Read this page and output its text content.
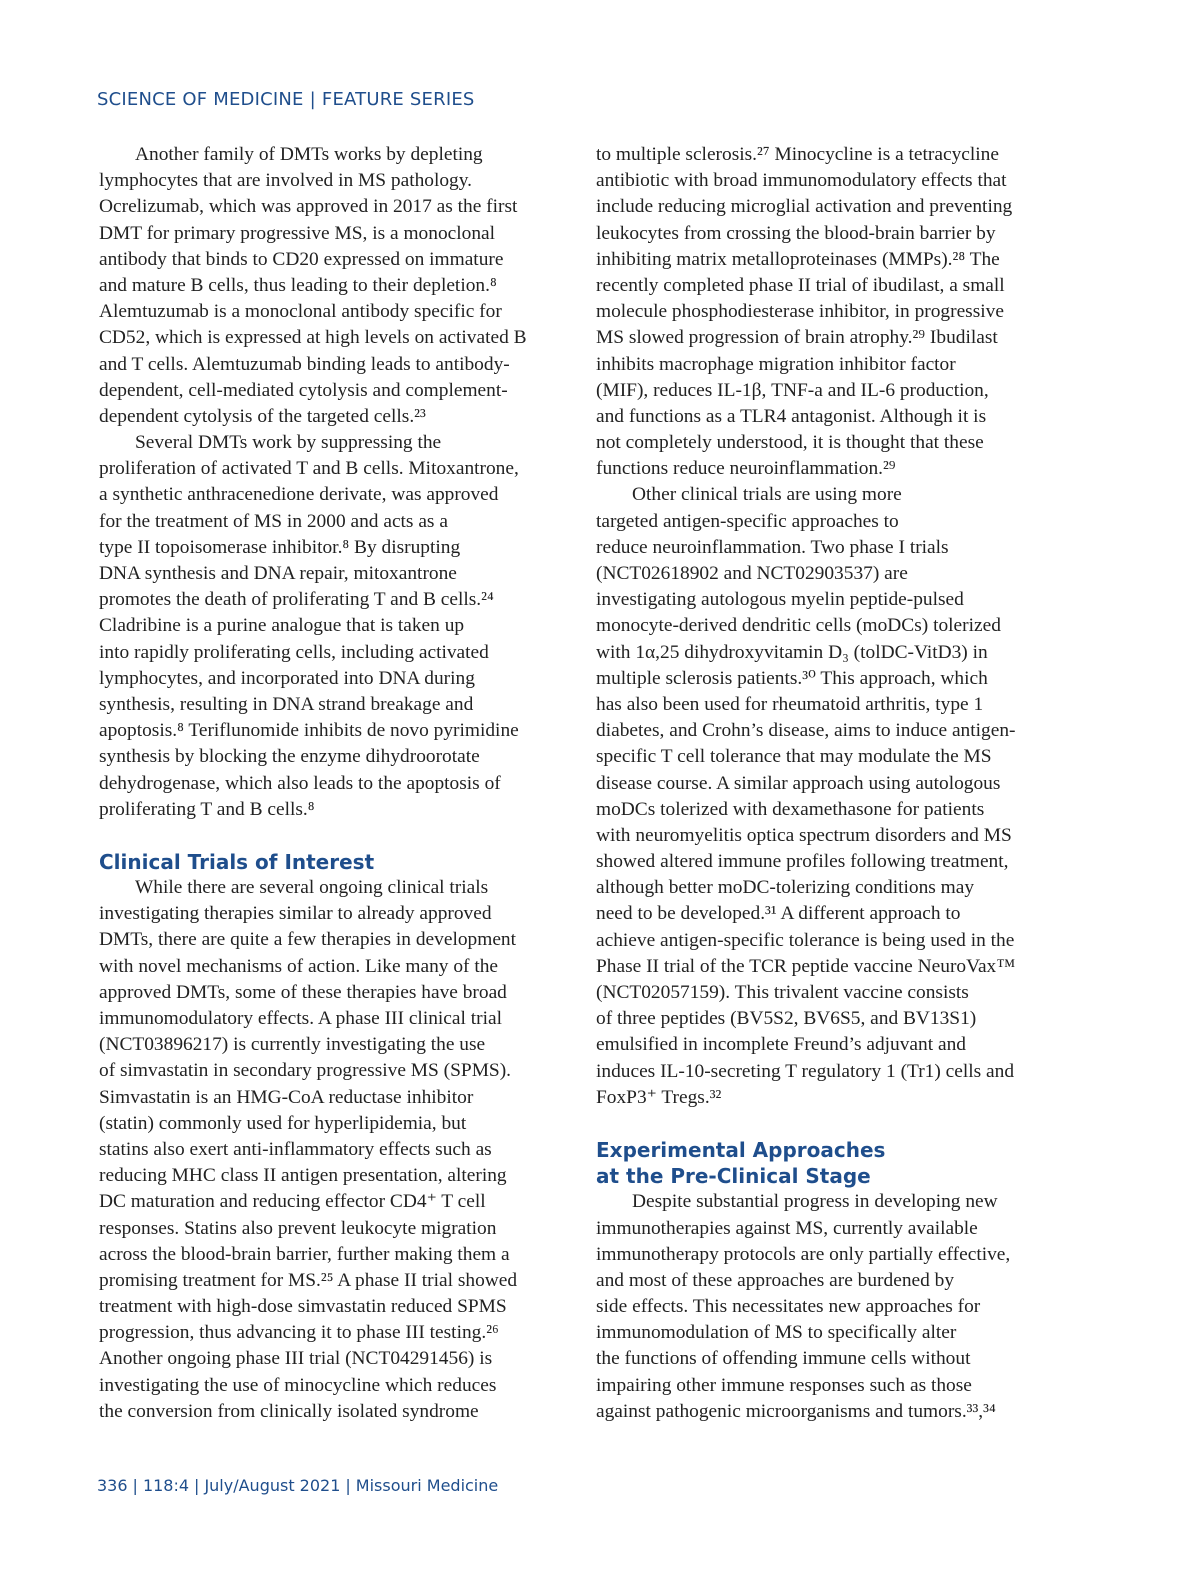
SCIENCE OF MEDICINE | FEATURE SERIES
Another family of DMTs works by depleting
lymphocytes that are involved in MS pathology.
Ocrelizumab, which was approved in 2017 as the first
DMT for primary progressive MS, is a monoclonal
antibody that binds to CD20 expressed on immature
and mature B cells, thus leading to their depletion.⁸
Alemtuzumab is a monoclonal antibody specific for
CD52, which is expressed at high levels on activated B
and T cells. Alemtuzumab binding leads to antibody-
dependent, cell-mediated cytolysis and complement-
dependent cytolysis of the targeted cells.²³
Several DMTs work by suppressing the
proliferation of activated T and B cells. Mitoxantrone,
a synthetic anthracenedione derivate, was approved
for the treatment of MS in 2000 and acts as a
type II topoisomerase inhibitor.⁸ By disrupting
DNA synthesis and DNA repair, mitoxantrone
promotes the death of proliferating T and B cells.²⁴
Cladribine is a purine analogue that is taken up
into rapidly proliferating cells, including activated
lymphocytes, and incorporated into DNA during
synthesis, resulting in DNA strand breakage and
apoptosis.⁸ Teriflunomide inhibits de novo pyrimidine
synthesis by blocking the enzyme dihydroorotate
dehydrogenase, which also leads to the apoptosis of
proliferating T and B cells.⁸
Clinical Trials of Interest
While there are several ongoing clinical trials
investigating therapies similar to already approved
DMTs, there are quite a few therapies in development
with novel mechanisms of action. Like many of the
approved DMTs, some of these therapies have broad
immunomodulatory effects. A phase III clinical trial
(NCT03896217) is currently investigating the use
of simvastatin in secondary progressive MS (SPMS).
Simvastatin is an HMG-CoA reductase inhibitor
(statin) commonly used for hyperlipidemia, but
statins also exert anti-inflammatory effects such as
reducing MHC class II antigen presentation, altering
DC maturation and reducing effector CD4⁺ T cell
responses. Statins also prevent leukocyte migration
across the blood-brain barrier, further making them a
promising treatment for MS.²⁵ A phase II trial showed
treatment with high-dose simvastatin reduced SPMS
progression, thus advancing it to phase III testing.²⁶
Another ongoing phase III trial (NCT04291456) is
investigating the use of minocycline which reduces
the conversion from clinically isolated syndrome
to multiple sclerosis.²⁷ Minocycline is a tetracycline
antibiotic with broad immunomodulatory effects that
include reducing microglial activation and preventing
leukocytes from crossing the blood-brain barrier by
inhibiting matrix metalloproteinases (MMPs).²⁸ The
recently completed phase II trial of ibudilast, a small
molecule phosphodiesterase inhibitor, in progressive
MS slowed progression of brain atrophy.²⁹ Ibudilast
inhibits macrophage migration inhibitor factor
(MIF), reduces IL-1β, TNF-a and IL-6 production,
and functions as a TLR4 antagonist. Although it is
not completely understood, it is thought that these
functions reduce neuroinflammation.²⁹
Other clinical trials are using more
targeted antigen-specific approaches to
reduce neuroinflammation. Two phase I trials
(NCT02618902 and NCT02903537) are
investigating autologous myelin peptide-pulsed
monocyte-derived dendritic cells (moDCs) tolerized
with 1α,25 dihydroxyvitamin D₃ (tolDC-VitD3) in
multiple sclerosis patients.³⁰ This approach, which
has also been used for rheumatoid arthritis, type 1
diabetes, and Crohn’s disease, aims to induce antigen-
specific T cell tolerance that may modulate the MS
disease course. A similar approach using autologous
moDCs tolerized with dexamethasone for patients
with neuromyelitis optica spectrum disorders and MS
showed altered immune profiles following treatment,
although better moDC-tolerizing conditions may
need to be developed.³¹ A different approach to
achieve antigen-specific tolerance is being used in the
Phase II trial of the TCR peptide vaccine NeuroVax™
(NCT02057159). This trivalent vaccine consists
of three peptides (BV5S2, BV6S5, and BV13S1)
emulsified in incomplete Freund’s adjuvant and
induces IL-10-secreting T regulatory 1 (Tr1) cells and
FoxP3⁺ Tregs.³²
Experimental Approaches
at the Pre-Clinical Stage
Despite substantial progress in developing new
immunotherapies against MS, currently available
immunotherapy protocols are only partially effective,
and most of these approaches are burdened by
side effects. This necessitates new approaches for
immunomodulation of MS to specifically alter
the functions of offending immune cells without
impairing other immune responses such as those
against pathogenic microorganisms and tumors.³³,³⁴
336 | 118:4 | July/August 2021 | Missouri Medicine
